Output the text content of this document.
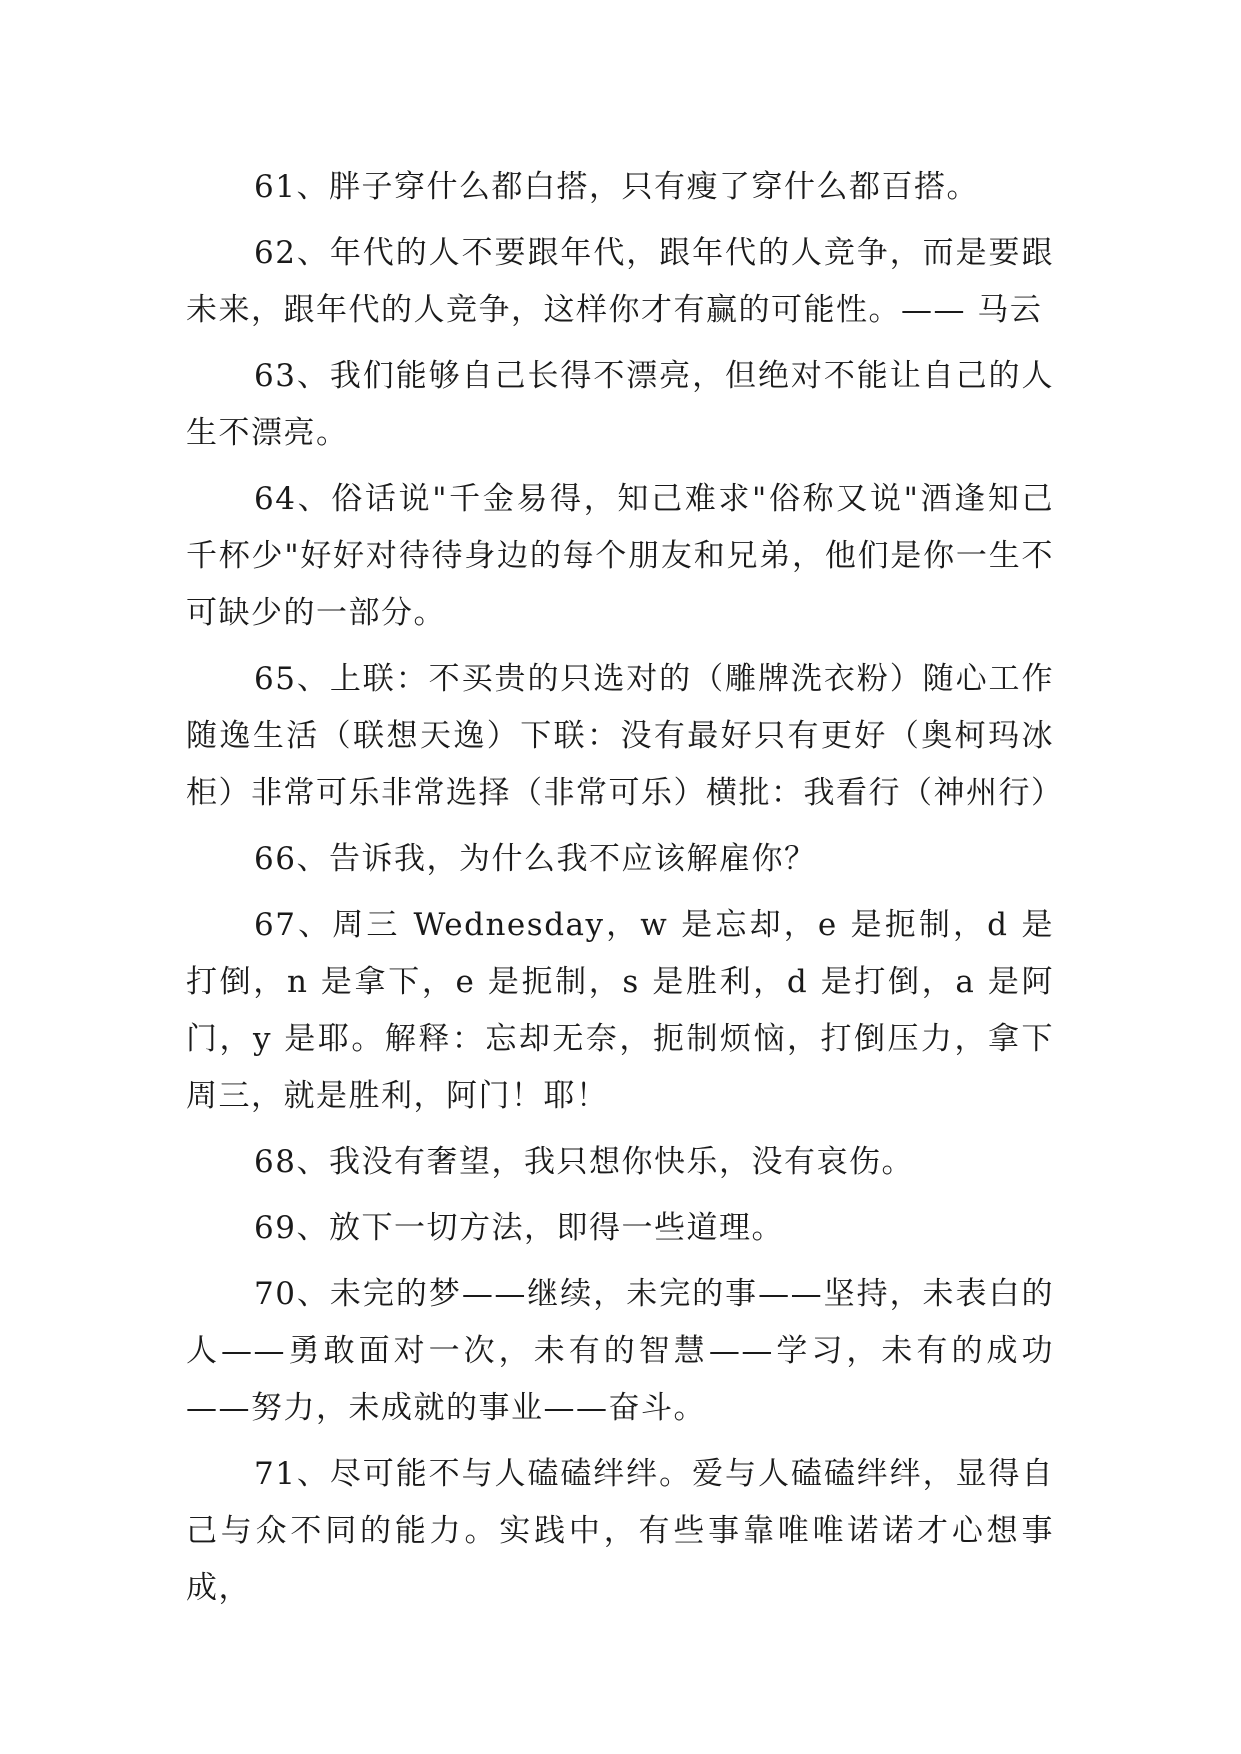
61、胖子穿什么都白搭，只有瘦了穿什么都百搭。

62、年代的人不要跟年代，跟年代的人竞争，而是要跟未来，跟年代的人竞争，这样你才有赢的可能性。—— 马云

63、我们能够自己长得不漂亮，但绝对不能让自己的人生不漂亮。

64、俗话说"千金易得，知己难求"俗称又说"酒逢知己千杯少"好好对待待身边的每个朋友和兄弟，他们是你一生不可缺少的一部分。

65、上联：不买贵的只选对的（雕牌洗衣粉）随心工作随逸生活（联想天逸）下联：没有最好只有更好（奥柯玛冰柜）非常可乐非常选择（非常可乐）横批：我看行（神州行）

66、告诉我，为什么我不应该解雇你？

67、周三 Wednesday，w 是忘却，e 是扼制，d 是打倒，n 是拿下，e 是扼制，s 是胜利，d 是打倒，a 是阿门，y 是耶。解释：忘却无奈，扼制烦恼，打倒压力，拿下周三，就是胜利，阿门！耶！

68、我没有奢望，我只想你快乐，没有哀伤。

69、放下一切方法，即得一些道理。

70、未完的梦——继续，未完的事——坚持，未表白的人——勇敢面对一次，未有的智慧——学习，未有的成功——努力，未成就的事业——奋斗。

71、尽可能不与人磕磕绊绊。爱与人磕磕绊绊，显得自己与众不同的能力。实践中，有些事靠唯唯诺诺才心想事成，
